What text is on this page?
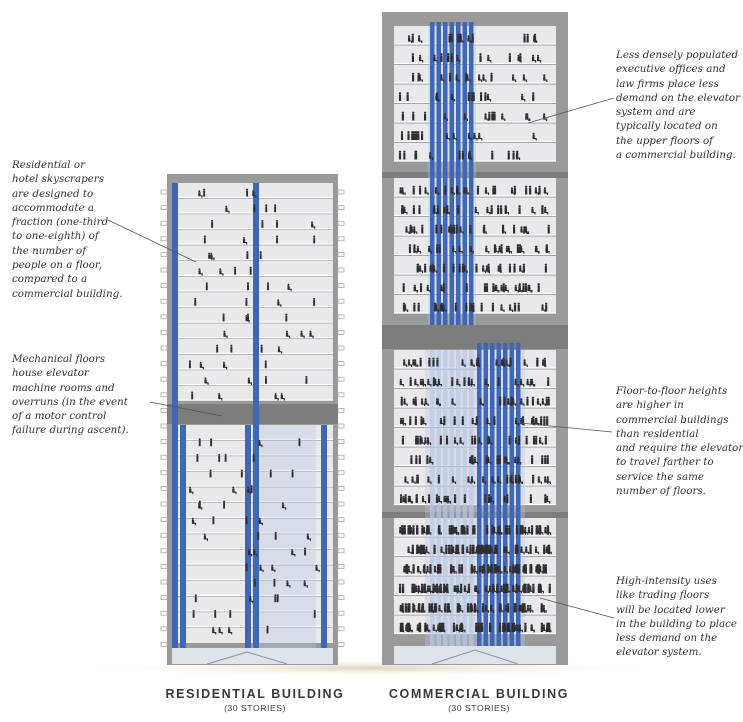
Residential or
hotel skyscrapers
are designed to
accommodate a
fraction (one-third
to one-eighth) of
the number of
people on a floor,
compared to a
commercial building.
Mechanical floors
house elevator
machine rooms and
overruns (in the event
of a motor control
failure during ascent).
Less densely populated
executive offices and
law firms place less
demand on the elevator
system and are
typically located on
the upper floors of
a commercial building.
Floor-to-floor heights
are higher in
commercial buildings
than residential
and require the elevator
to travel farther to
service the same
number of floors.
High-intensity uses
like trading floors
will be located lower
in the building to place
less demand on the
elevator system.
RESIDENTIAL BUILDING
(30 STORIES)
COMMERCIAL BUILDING
(30 STORIES)
